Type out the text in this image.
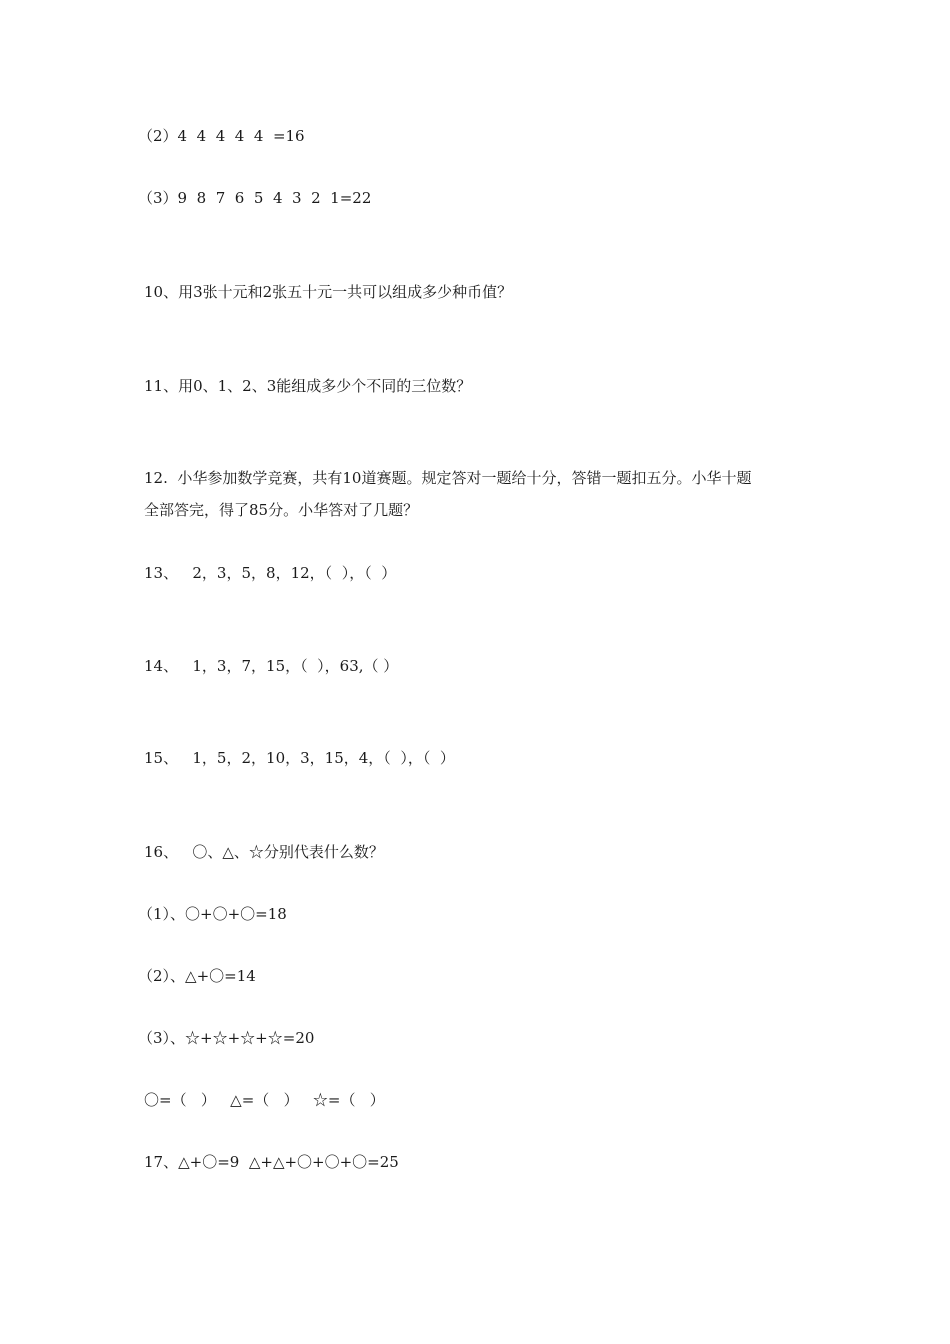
（2）4  4  4  4  4  =16
（3）9  8  7  6  5  4  3  2  1=22
10、用3张十元和2张五十元一共可以组成多少种币值？
11、用0、1、2、3能组成多少个不同的三位数？
12.  小华参加数学竞赛，共有10道赛题。规定答对一题给十分，答错一题扣五分。小华十题
全部答完，得了85分。小华答对了几题？
13、   2，3，5，8，12，（  ），（  ）
14、   1，3，7，15，（  ），63,（ ）
15、   1，5，2，10，3，15，4，（  ），（  ）
16、   〇、△、☆分别代表什么数？
（1）、〇+〇+〇=18
（2）、△+〇=14
（3）、☆+☆+☆+☆=20
〇=（   ）   △=（   ）   ☆=（   ）
17、△+〇=9  △+△+〇+〇+〇=25
